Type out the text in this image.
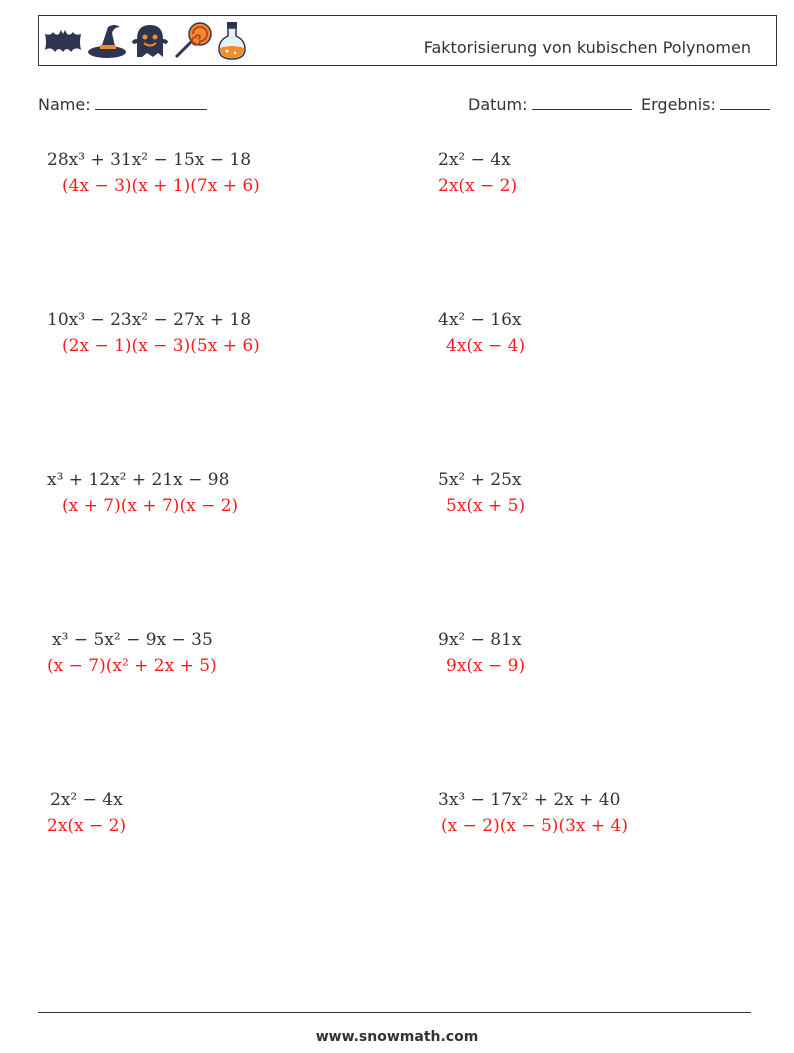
Faktorisierung von kubischen Polynomen
Name:	Datum:	Ergebnis:
28x³ + 31x² − 15x − 18
(4x − 3)(x + 1)(7x + 6)
2x² − 4x
2x(x − 2)
10x³ − 23x² − 27x + 18
(2x − 1)(x − 3)(5x + 6)
4x² − 16x
4x(x − 4)
x³ + 12x² + 21x − 98
(x + 7)(x + 7)(x − 2)
5x² + 25x
5x(x + 5)
x³ − 5x² − 9x − 35
(x − 7)(x² + 2x + 5)
9x² − 81x
9x(x − 9)
2x² − 4x
2x(x − 2)
3x³ − 17x² + 2x + 40
(x − 2)(x − 5)(3x + 4)
www.snowmath.com
